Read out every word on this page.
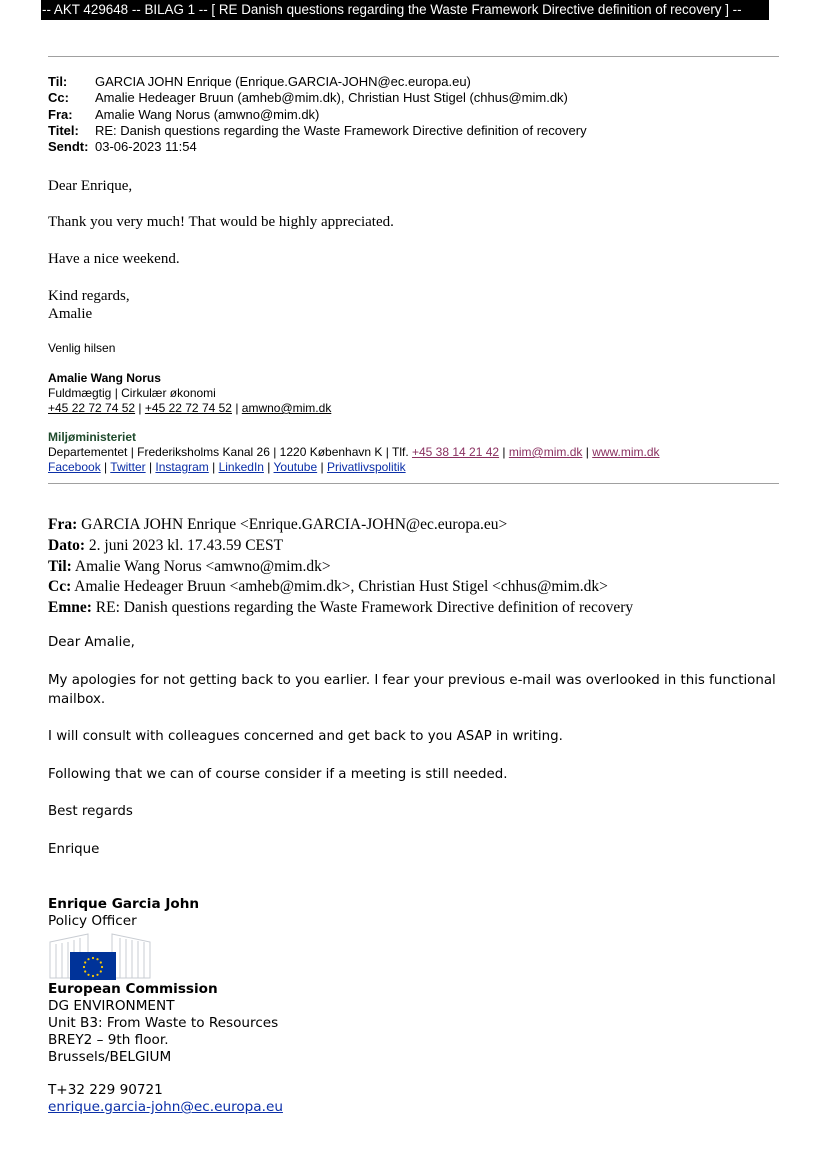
-- AKT 429648 -- BILAG 1 -- [ RE Danish questions regarding the Waste Framework Directive definition of recovery ] --
Til:	GARCIA JOHN Enrique (Enrique.GARCIA-JOHN@ec.europa.eu)
Cc:	Amalie Hedeager Bruun (amheb@mim.dk), Christian Hust Stigel (chhus@mim.dk)
Fra:	Amalie Wang Norus (amwno@mim.dk)
Titel:	RE: Danish questions regarding the Waste Framework Directive definition of recovery
Sendt: 03-06-2023 11:54
Dear Enrique,
Thank you very much! That would be highly appreciated.
Have a nice weekend.
Kind regards,
Amalie
Venlig hilsen
Amalie Wang Norus
Fuldmægtig | Cirkulær økonomi
+45 22 72 74 52 | +45 22 72 74 52 | amwno@mim.dk
Miljøministeriet
Departementet | Frederiksholms Kanal 26 | 1220 København K | Tlf. +45 38 14 21 42 | mim@mim.dk | www.mim.dk
Facebook | Twitter | Instagram | LinkedIn | Youtube | Privatlivspolitik
Fra: GARCIA JOHN Enrique <Enrique.GARCIA-JOHN@ec.europa.eu>
Dato: 2. juni 2023 kl. 17.43.59 CEST
Til: Amalie Wang Norus <amwno@mim.dk>
Cc: Amalie Hedeager Bruun <amheb@mim.dk>, Christian Hust Stigel <chhus@mim.dk>
Emne: RE: Danish questions regarding the Waste Framework Directive definition of recovery
Dear Amalie,
My apologies for not getting back to you earlier. I fear your previous e-mail was overlooked in this functional
mailbox.
I will consult with colleagues concerned and get back to you ASAP in writing.
Following that we can of course consider if a meeting is still needed.
Best regards
Enrique
Enrique Garcia John
Policy Officer
European Commission
DG ENVIRONMENT
Unit B3: From Waste to Resources
BREY2 – 9th floor.
Brussels/BELGIUM
T+32 229 90721
enrique.garcia-john@ec.europa.eu
